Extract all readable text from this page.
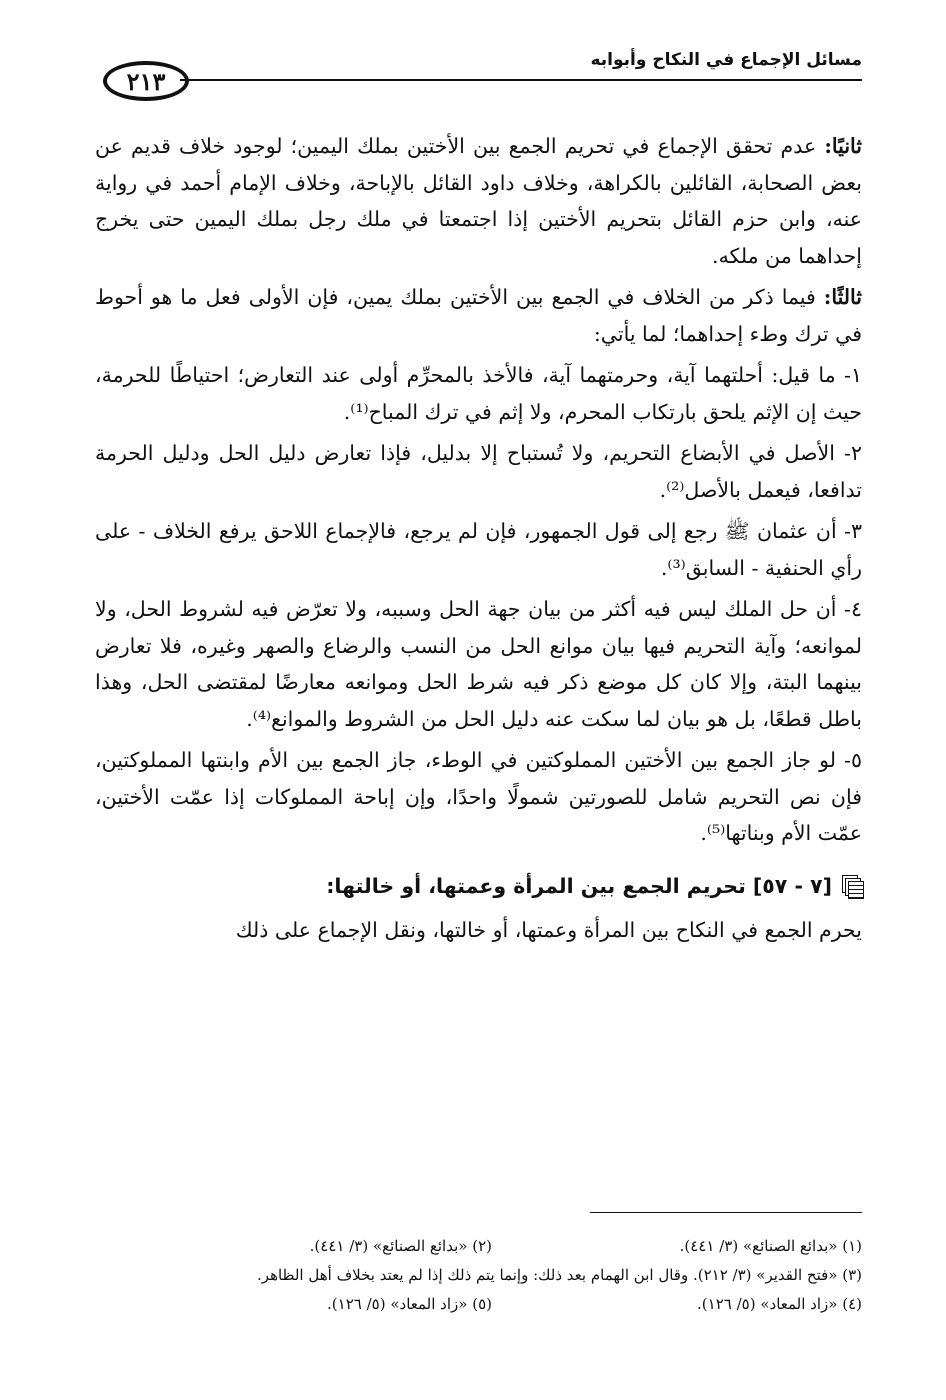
مسائل الإجماع في النكاح وأبوابه
٢١٣

ثانيًا: عدم تحقق الإجماع في تحريم الجمع بين الأختين بملك اليمين؛ لوجود خلاف قديم عن بعض الصحابة، القائلين بالكراهة، وخلاف داود القائل بالإباحة، وخلاف الإمام أحمد في رواية عنه، وابن حزم القائل بتحريم الأختين إذا اجتمعتا في ملك رجل بملك اليمين حتى يخرج إحداهما من ملكه.

ثالثًا: فيما ذكر من الخلاف في الجمع بين الأختين بملك يمين، فإن الأولى فعل ما هو أحوط في ترك وطء إحداهما؛ لما يأتي:

١- ما قيل: أحلتهما آية، وحرمتهما آية، فالأخذ بالمحرِّم أولى عند التعارض؛ احتياطًا للحرمة، حيث إن الإثم يلحق بارتكاب المحرم، ولا إثم في ترك المباح⁽¹⁾.

٢- الأصل في الأبضاع التحريم، ولا تُستباح إلا بدليل، فإذا تعارض دليل الحل ودليل الحرمة تدافعا، فيعمل بالأصل⁽²⁾.

٣- أن عثمان ﷺ رجع إلى قول الجمهور، فإن لم يرجع، فالإجماع اللاحق يرفع الخلاف - على رأي الحنفية - السابق⁽³⁾.

٤- أن حل الملك ليس فيه أكثر من بيان جهة الحل وسببه، ولا تعرّض فيه لشروط الحل، ولا لموانعه؛ وآية التحريم فيها بيان موانع الحل من النسب والرضاع والصهر وغيره، فلا تعارض بينهما البتة، وإلا كان كل موضع ذكر فيه شرط الحل وموانعه معارضًا لمقتضى الحل، وهذا باطل قطعًا، بل هو بيان لما سكت عنه دليل الحل من الشروط والموانع⁽⁴⁾.

٥- لو جاز الجمع بين الأختين المملوكتين في الوطء، جاز الجمع بين الأم وابنتها المملوكتين، فإن نص التحريم شامل للصورتين شمولًا واحدًا، وإن إباحة المملوكات إذا عمّت الأختين، عمّت الأم وبناتها⁽⁵⁾.

[٧ - ٥٧] تحريم الجمع بين المرأة وعمتها، أو خالتها:

يحرم الجمع في النكاح بين المرأة وعمتها، أو خالتها، ونقل الإجماع على ذلك

(١) «بدائع الصنائع» (٣/ ٤٤١).
(٢) «بدائع الصنائع» (٣/ ٤٤١).
(٣) «فتح القدير» (٣/ ٢١٢). وقال ابن الهمام بعد ذلك: وإنما يتم ذلك إذا لم يعتد بخلاف أهل الظاهر.
(٤) «زاد المعاد» (٥/ ١٢٦).
(٥) «زاد المعاد» (٥/ ١٢٦).
